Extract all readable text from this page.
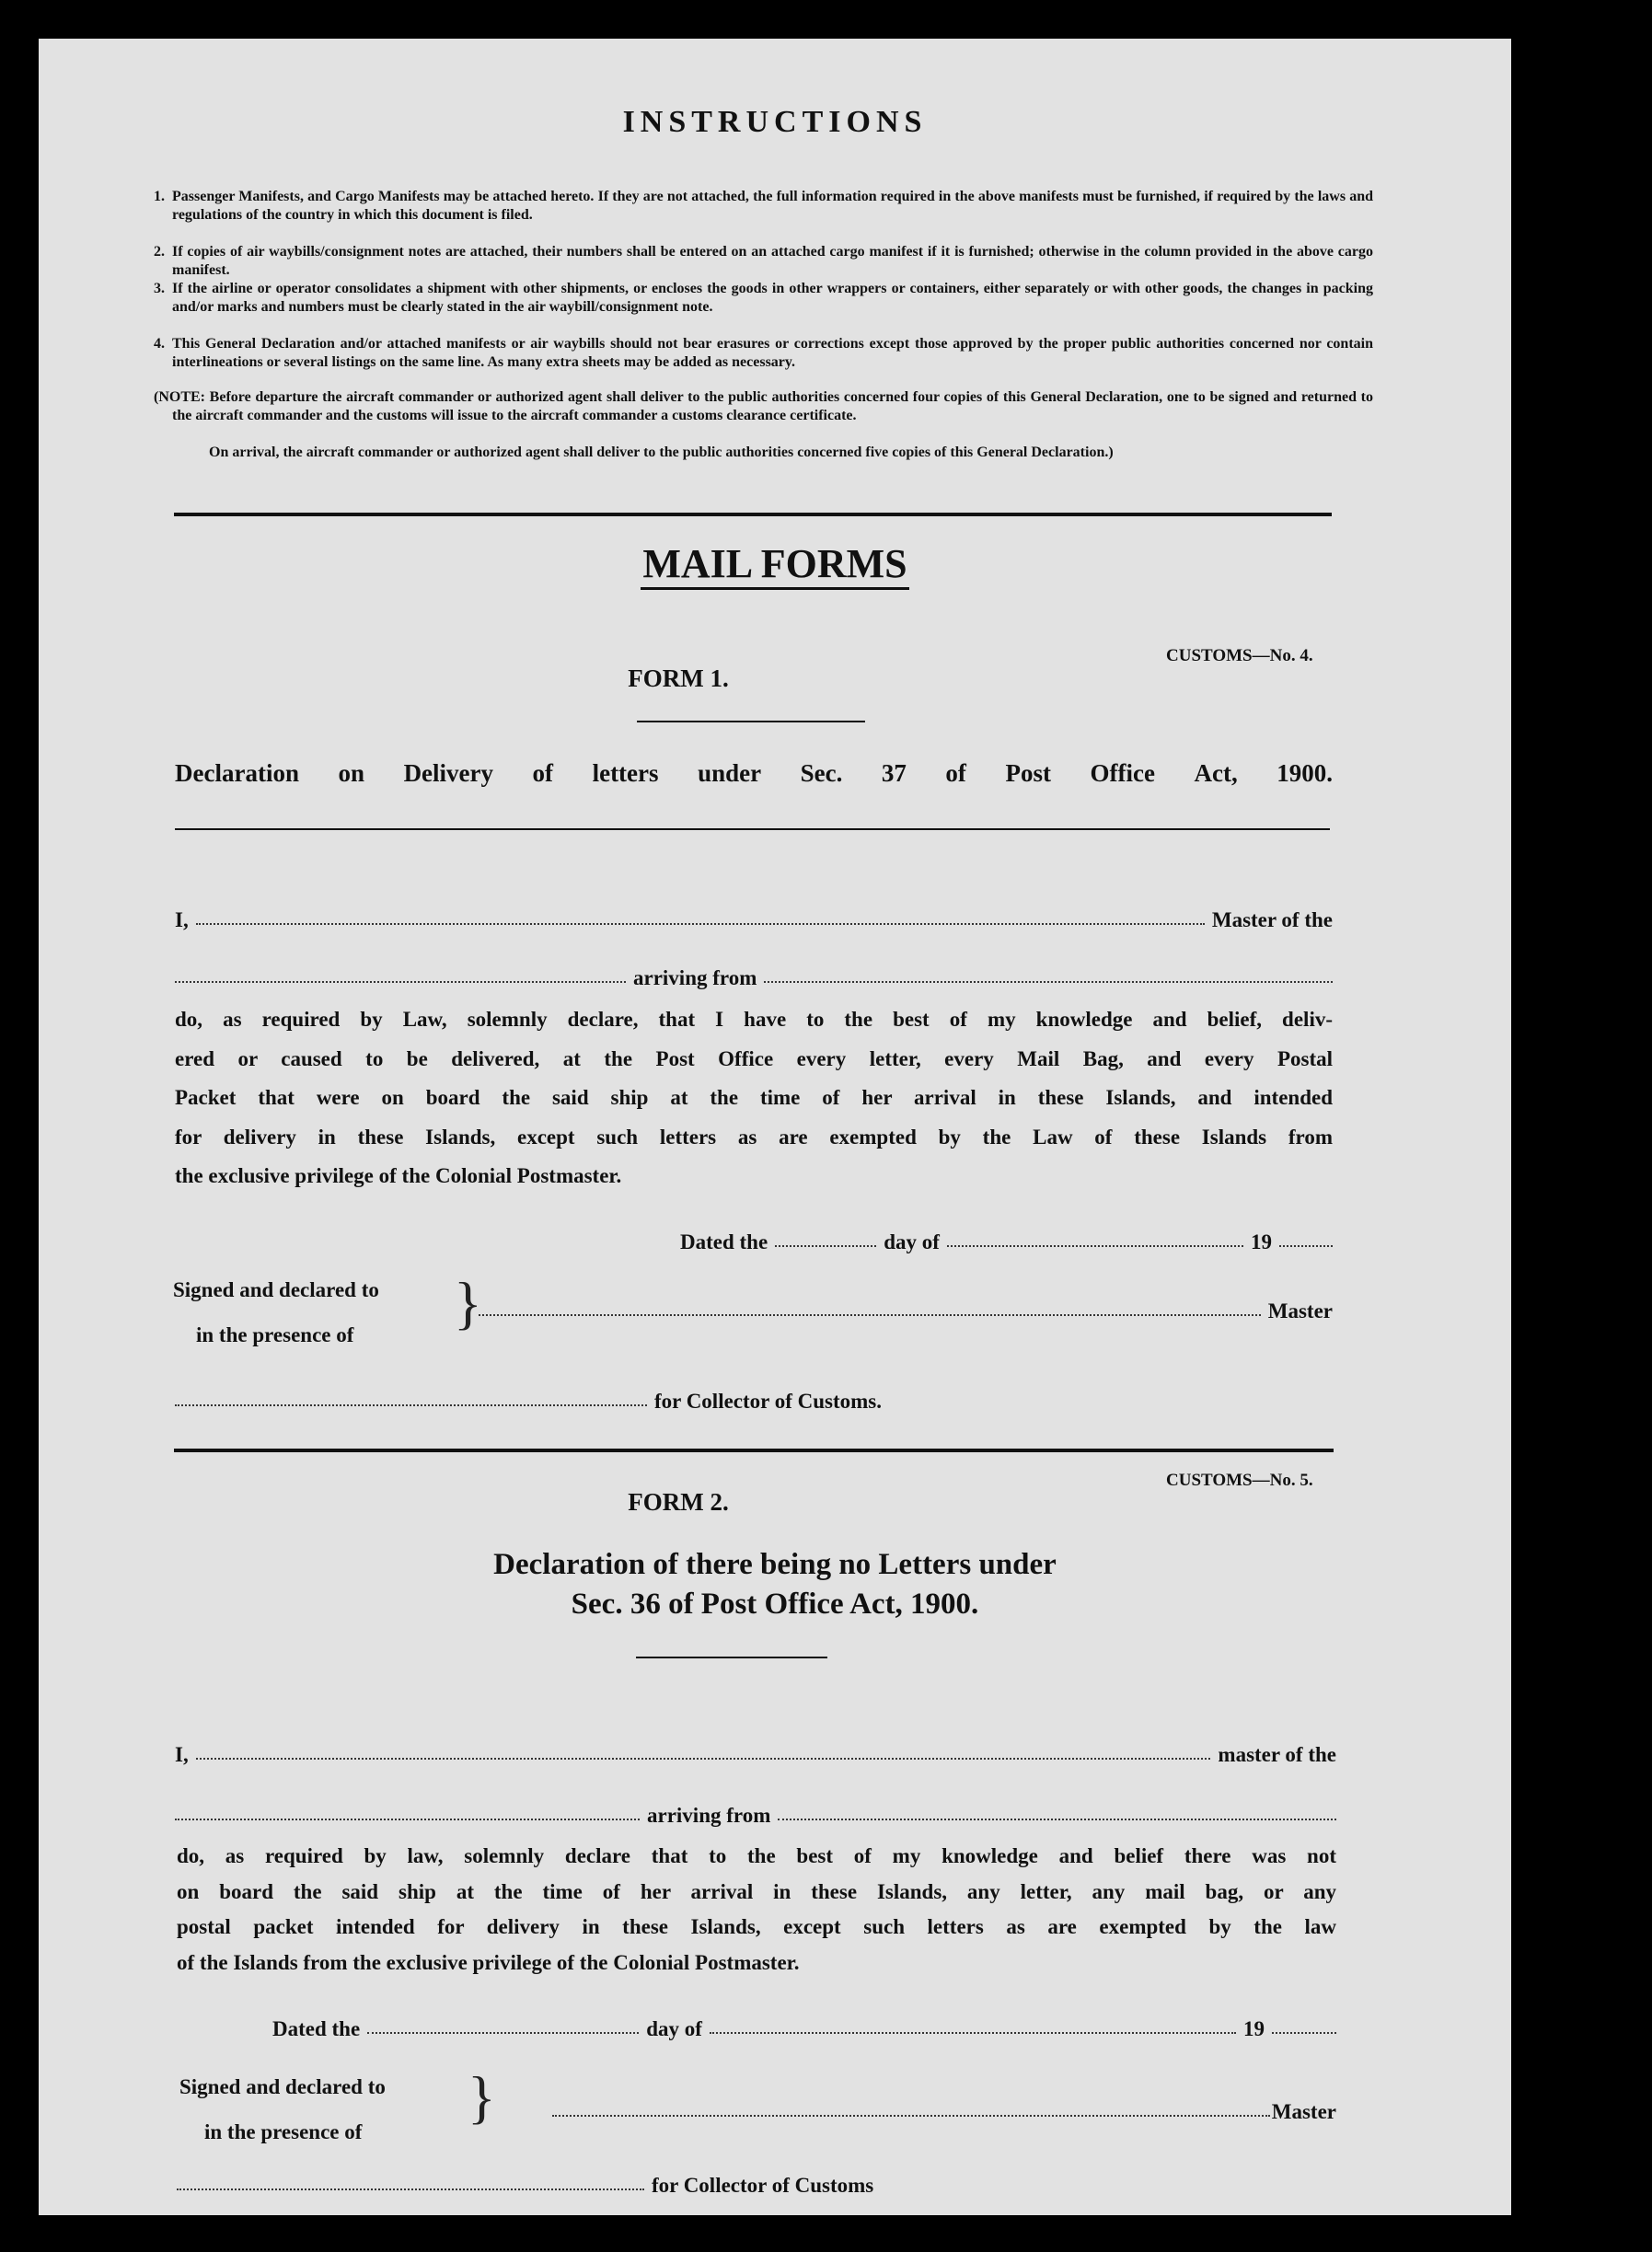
INSTRUCTIONS
1. Passenger Manifests, and Cargo Manifests may be attached hereto. If they are not attached, the full information required in the above manifests must be furnished, if required by the laws and regulations of the country in which this document is filed.
2. If copies of air waybills/consignment notes are attached, their numbers shall be entered on an attached cargo manifest if it is furnished; otherwise in the column provided in the above cargo manifest.
3. If the airline or operator consolidates a shipment with other shipments, or encloses the goods in other wrappers or containers, either separately or with other goods, the changes in packing and/or marks and numbers must be clearly stated in the air waybill/consignment note.
4. This General Declaration and/or attached manifests or air waybills should not bear erasures or corrections except those approved by the proper public authorities concerned nor contain interlineations or several listings on the same line. As many extra sheets may be added as necessary.
(NOTE: Before departure the aircraft commander or authorized agent shall deliver to the public authorities concerned four copies of this General Declaration, one to be signed and returned to the aircraft commander and the customs will issue to the aircraft commander a customs clearance certificate.
On arrival, the aircraft commander or authorized agent shall deliver to the public authorities concerned five copies of this General Declaration.)
MAIL FORMS
CUSTOMS—No. 4.
FORM 1.
Declaration on Delivery of letters under Sec. 37 of Post Office Act, 1900.
I,	Master of the
arriving from
do, as required by Law, solemnly declare, that I have to the best of my knowledge and belief, deliv-
ered or caused to be delivered, at the Post Office every letter, every Mail Bag, and every Postal
Packet that were on board the said ship at the time of her arrival in these Islands, and intended
for delivery in these Islands, except such letters as are exempted by the Law of these Islands from
the exclusive privilege of the Colonial Postmaster.
Dated the	day of	19
Signed and declared to
in the presence of }	Master
for Collector of Customs.
CUSTOMS—No. 5.
FORM 2.
Declaration of there being no Letters under
Sec. 36 of Post Office Act, 1900.
I,	master of the
arriving from
do, as required by law, solemnly declare that to the best of my knowledge and belief there was not
on board the said ship at the time of her arrival in these Islands, any letter, any mail bag, or any
postal packet intended for delivery in these Islands, except such letters as are exempted by the law
of the Islands from the exclusive privilege of the Colonial Postmaster.
Dated the	day of	19
Signed and declared to
in the presence of
}	Master
for Collector of Customs
